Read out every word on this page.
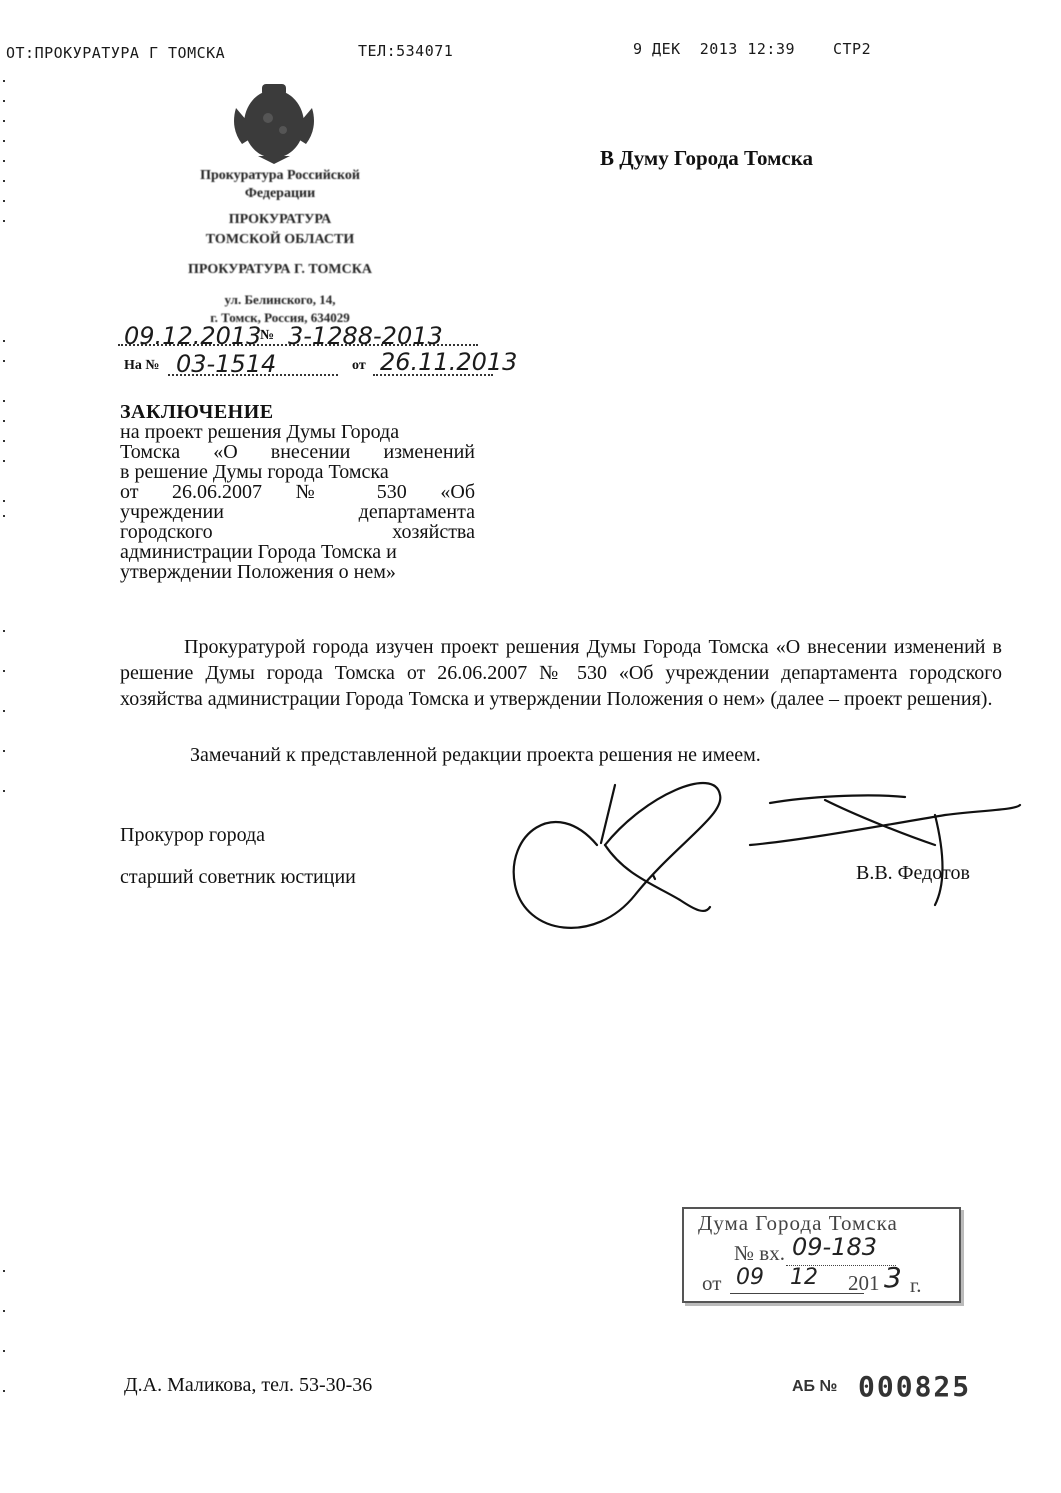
ОТ:ПРОКУРАТУРА Г ТОМСКА	ТЕЛ:534071	9 ДЕК  2013 12:39	СТР2
Прокуратура Российской
Федерации
ПРОКУРАТУРА
ТОМСКОЙ ОБЛАСТИ
ПРОКУРАТУРА Г. ТОМСКА
ул. Белинского, 14,
г. Томск, Россия, 634029
09.12.2013
№ 3-1288-2013
На № 03-1514	от 26.11.2013
В Думу Города Томска
ЗАКЛЮЧЕНИЕ
на проект решения Думы Города
Томска «О внесении изменений
в решение Думы города Томска
от 26.06.2007 № 530 «Об
учреждении департамента
городского хозяйства
администрации Города Томска и
утверждении Положения о нем»
Прокуратурой города изучен проект решения Думы Города Томска «О внесении изменений в решение Думы города Томска от 26.06.2007 № 530 «Об учреждении департамента городского хозяйства администрации Города Томска и утверждении Положения о нем» (далее – проект решения).
Замечаний к представленной редакции проекта решения не имеем.
Прокурор города
старший советник юстиции	В.В. Федотов
Дума Города Томска
№ вх. 09-183
от 09 12 201 3 г.
Д.А. Маликова, тел. 53-30-36	АБ № 000825
